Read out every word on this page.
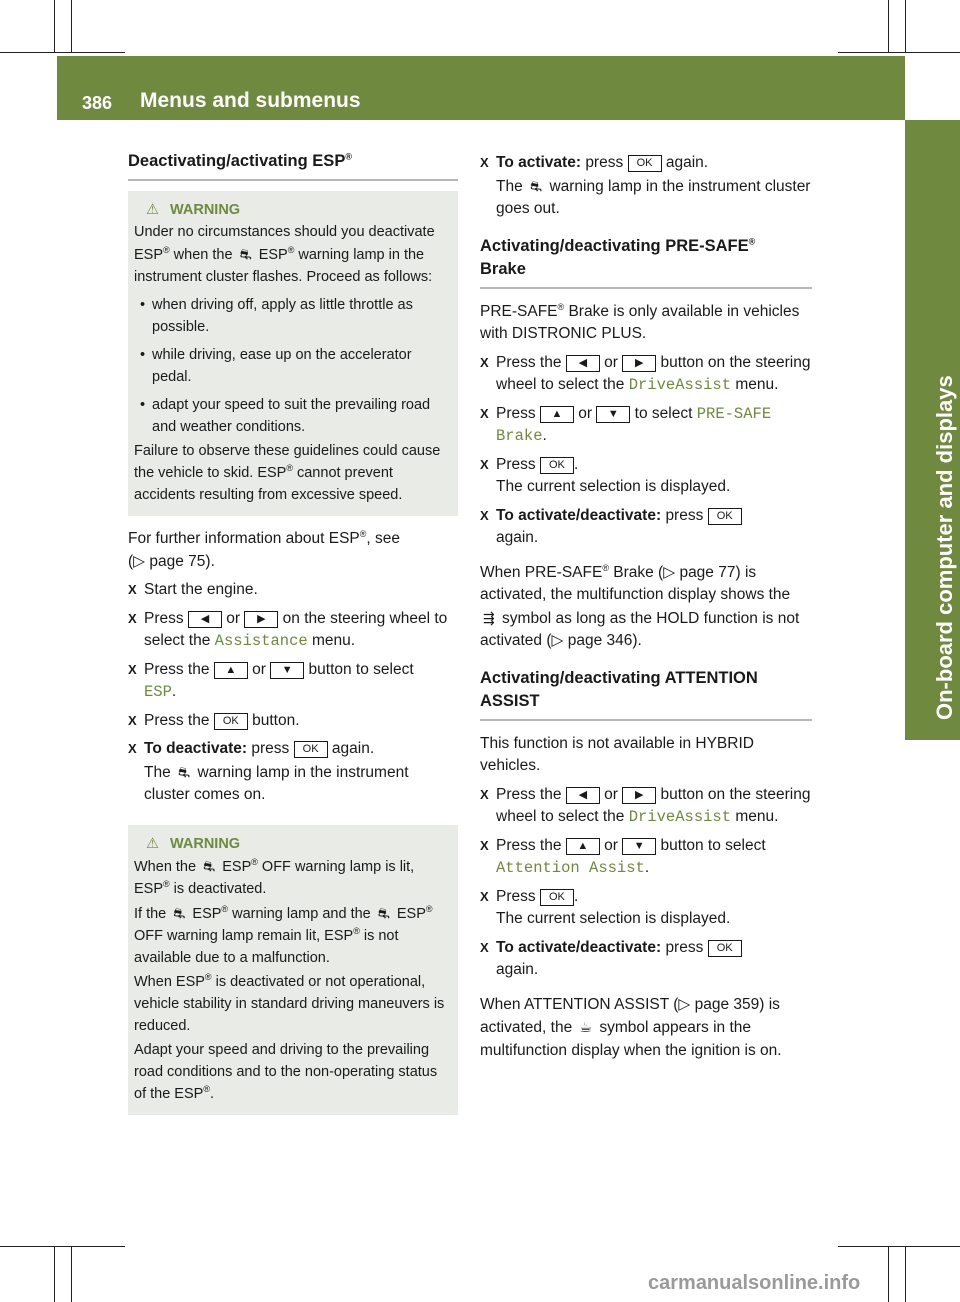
386 Menus and submenus
On-board computer and displays
Deactivating/activating ESP®
⚠ WARNING

Under no circumstances should you deactivate ESP® when the ⛐ ESP® warning lamp in the instrument cluster flashes. Proceed as follows:

• when driving off, apply as little throttle as possible.
• while driving, ease up on the accelerator pedal.
• adapt your speed to suit the prevailing road and weather conditions.

Failure to observe these guidelines could cause the vehicle to skid. ESP® cannot prevent accidents resulting from excessive speed.

For further information about ESP®, see
(▷ page 75).

X Start the engine.
X Press ◀ or ▶ on the steering wheel to select the Assistance menu.
X Press the ▲ or ▼ button to select
ESP.
X Press the OK button.
X To deactivate: press OK again.
The ⛐ warning lamp in the instrument cluster comes on.
⚠ WARNING

When the ⛐ ESP® OFF warning lamp is lit, ESP® is deactivated.

If the ⛐ ESP® warning lamp and the ⛐ ESP® OFF warning lamp remain lit, ESP® is not available due to a malfunction.

When ESP® is deactivated or not operational, vehicle stability in standard driving maneuvers is reduced.

Adapt your speed and driving to the prevailing road conditions and to the non-operating status of the ESP®.

X To activate: press OK again.
The ⛐ warning lamp in the instrument cluster goes out.
Activating/deactivating PRE-SAFE®
Brake

PRE-SAFE® Brake is only available in vehicles with DISTRONIC PLUS.

X Press the ◀ or ▶ button on the steering wheel to select the DriveAssist menu.
X Press ▲ or ▼ to select PRE-SAFE Brake.
X Press OK .
The current selection is displayed.
X To activate/deactivate: press OK
again.

When PRE-SAFE® Brake (▷ page 77) is activated, the multifunction display shows the ⇶ symbol as long as the HOLD function is not activated (▷ page 346).

Activating/deactivating ATTENTION ASSIST

This function is not available in HYBRID vehicles.

X Press the ◀ or ▶ button on the steering wheel to select the DriveAssist menu.
X Press the ▲ or ▼ button to select
Attention Assist.
X Press OK .
The current selection is displayed.
X To activate/deactivate: press OK
again.

When ATTENTION ASSIST (▷ page 359) is activated, the ☕ symbol appears in the multifunction display when the ignition is on.

carmanualsonline.info
